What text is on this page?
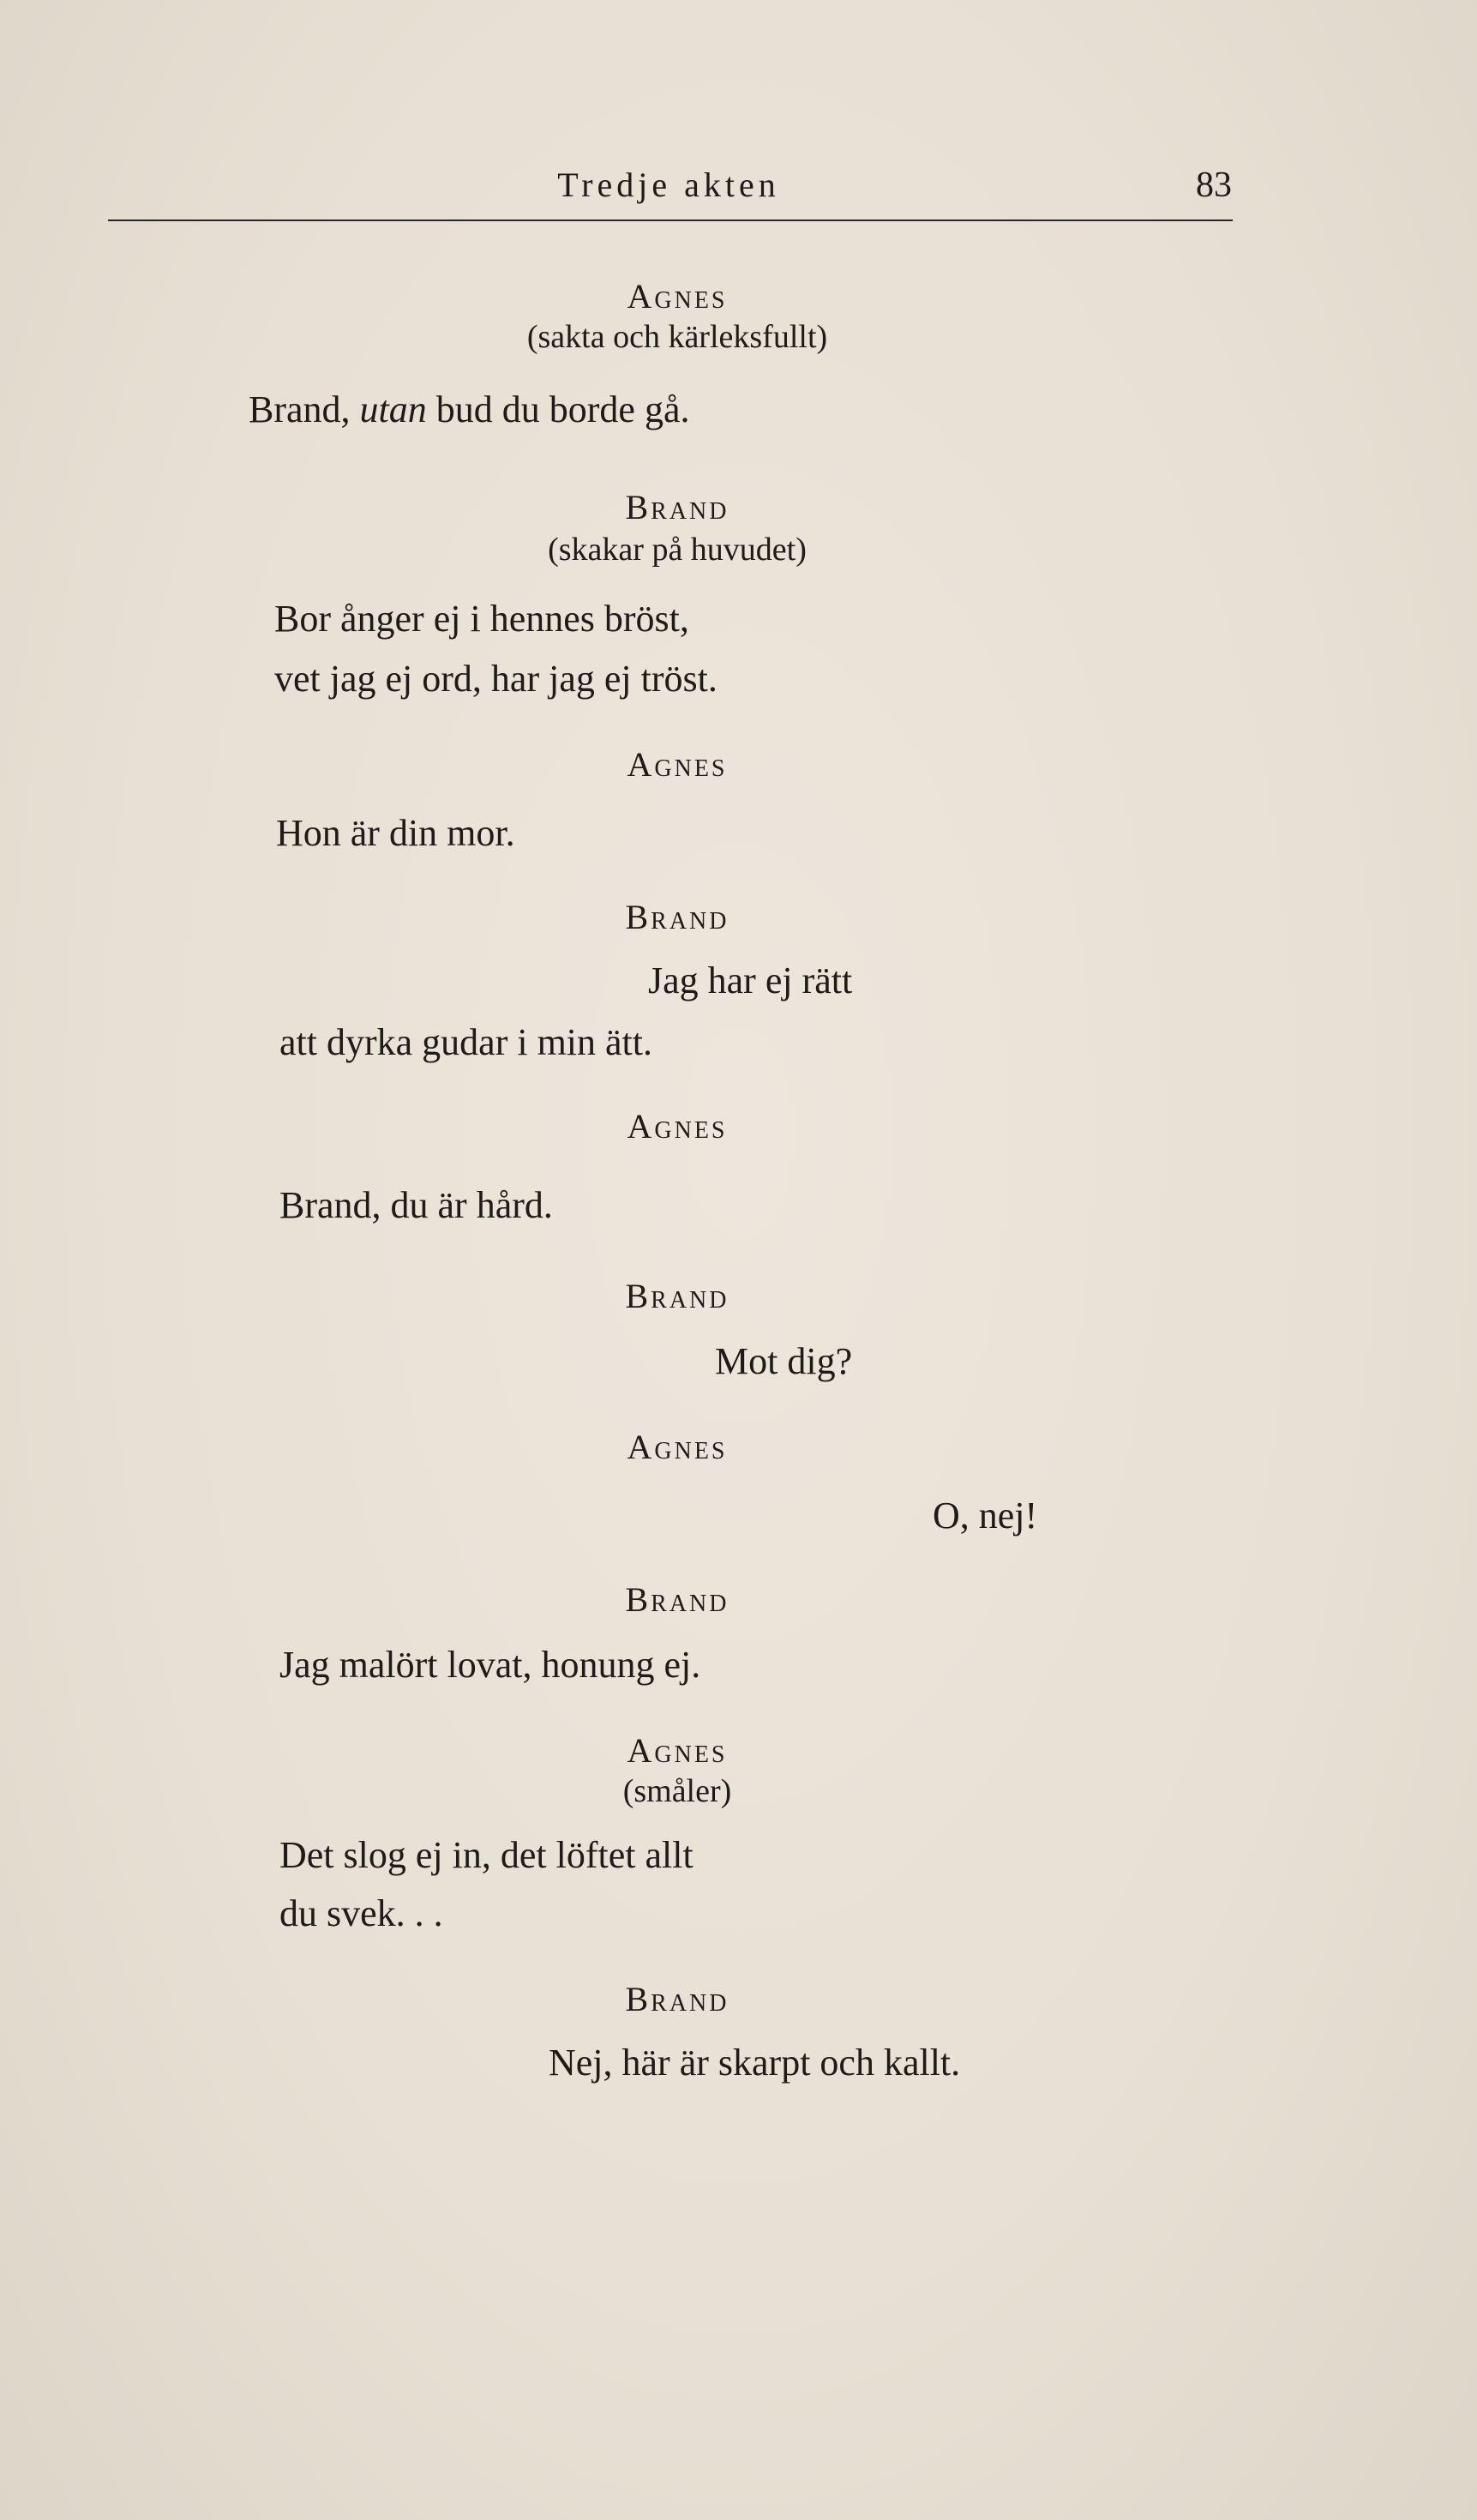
Tredje akten	83
Agnes
(sakta och kärleksfullt)
Brand, utan bud du borde gå.
Brand
(skakar på huvudet)
Bor ånger ej i hennes bröst,
vet jag ej ord, har jag ej tröst.
Agnes
Hon är din mor.
Brand
Jag har ej rätt
att dyrka gudar i min ätt.
Agnes
Brand, du är hård.
Brand
Mot dig?
Agnes
O, nej!
Brand
Jag malört lovat, honung ej.
Agnes
(småler)
Det slog ej in, det löftet allt
du svek. . .
Brand
Nej, här är skarpt och kallt.
